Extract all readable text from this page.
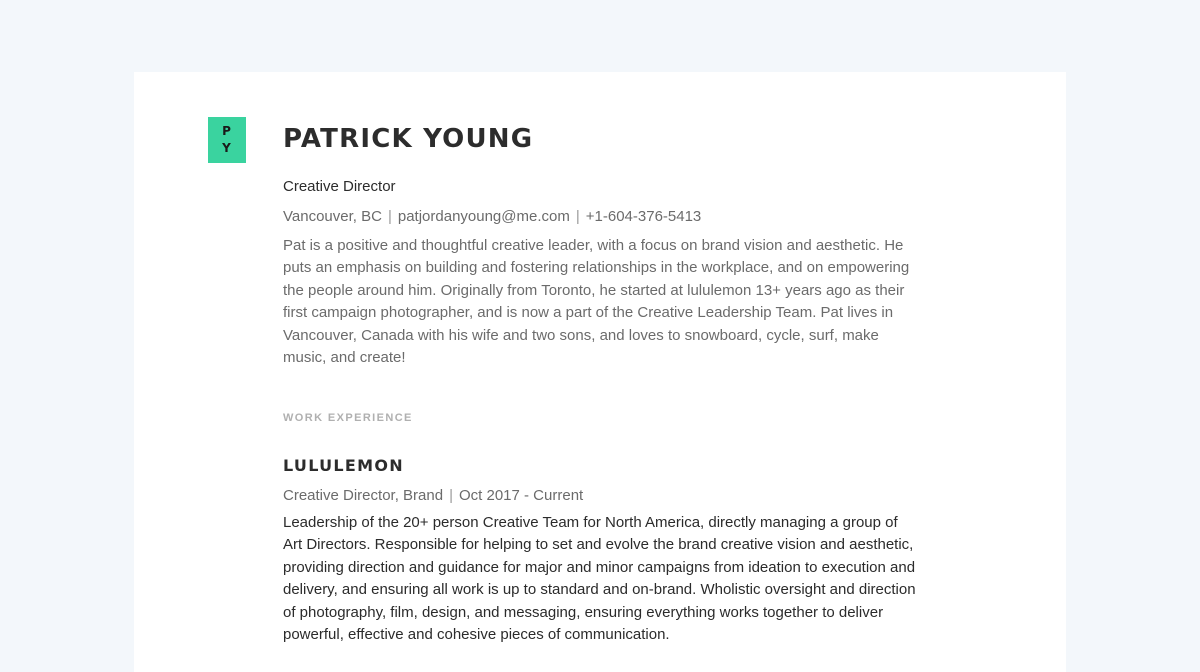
P
Y PATRICK YOUNG
Creative Director
Vancouver, BC | patjordanyoung@me.com | +1-604-376-5413

Pat is a positive and thoughtful creative leader, with a focus on brand vision and aesthetic. He puts an emphasis on building and fostering relationships in the workplace, and on empowering the people around him. Originally from Toronto, he started at lululemon 13+ years ago as their first campaign photographer, and is now a part of the Creative Leadership Team. Pat lives in Vancouver, Canada with his wife and two sons, and loves to snowboard, cycle, surf, make music, and create!

WORK EXPERIENCE
LULULEMON
Creative Director, Brand | Oct 2017 - Current

Leadership of the 20+ person Creative Team for North America, directly managing a group of Art Directors. Responsible for helping to set and evolve the brand creative vision and aesthetic, providing direction and guidance for major and minor campaigns from ideation to execution and delivery, and ensuring all work is up to standard and on-brand. Wholistic oversight and direction of photography, film, design, and messaging, ensuring everything works together to deliver powerful, effective and cohesive pieces of communication.
